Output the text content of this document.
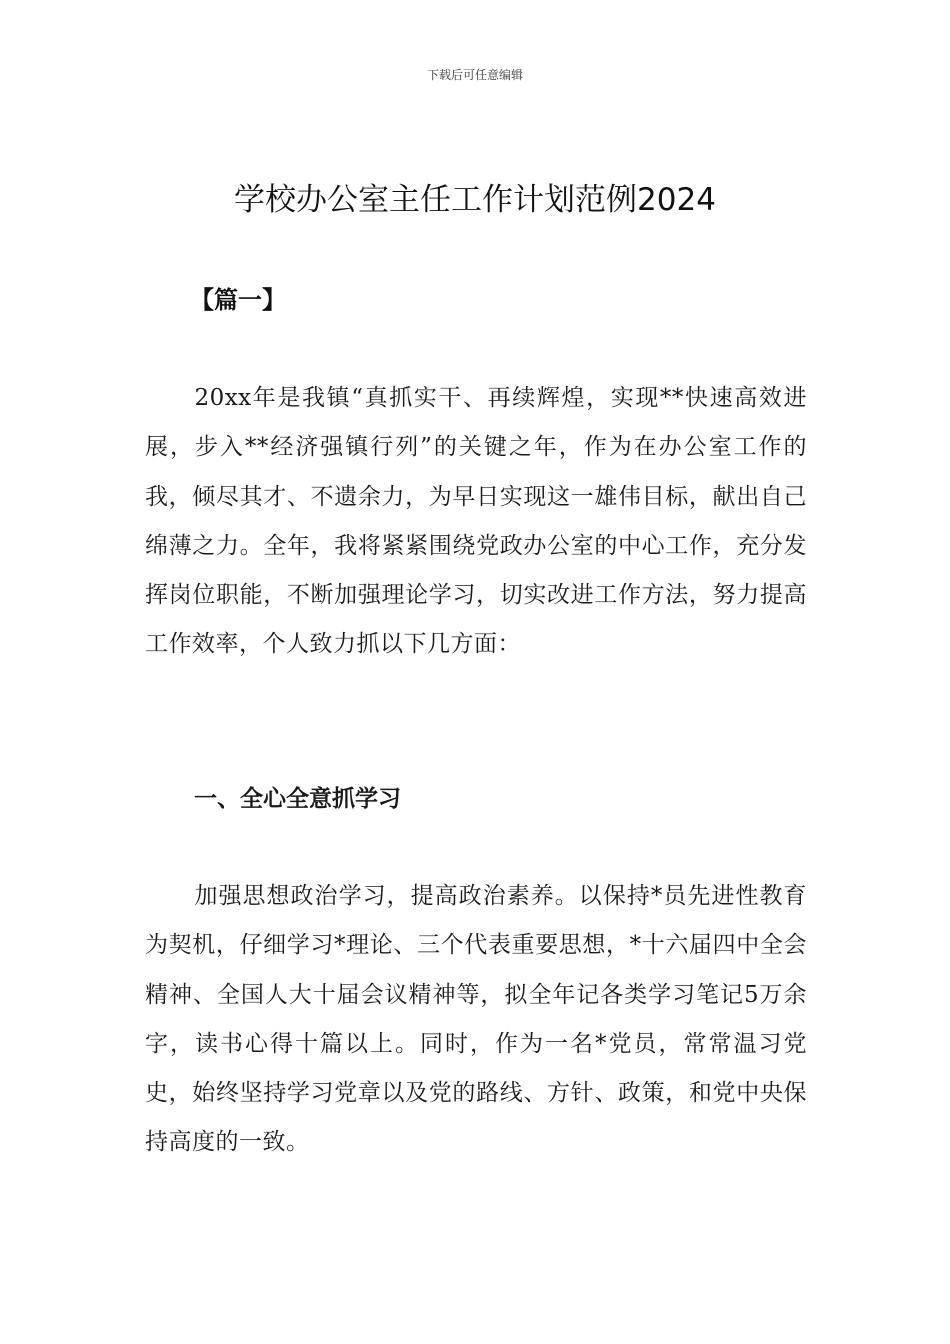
下载后可任意编辑
学校办公室主任工作计划范例2024
【篇一】

20xx年是我镇“真抓实干、再续辉煌，实现**快速高效进展，步入**经济强镇行列”的关键之年，作为在办公室工作的我，倾尽其才、不遗余力，为早日实现这一雄伟目标，献出自己绵薄之力。全年，我将紧紧围绕党政办公室的中心工作，充分发挥岗位职能，不断加强理论学习，切实改进工作方法，努力提高工作效率，个人致力抓以下几方面：

一、全心全意抓学习

加强思想政治学习，提高政治素养。以保持*员先进性教育为契机，仔细学习*理论、三个代表重要思想，*十六届四中全会精神、全国人大十届会议精神等，拟全年记各类学习笔记5万余字，读书心得十篇以上。同时，作为一名*党员，常常温习党史，始终坚持学习党章以及党的路线、方针、政策，和党中央保持高度的一致。
